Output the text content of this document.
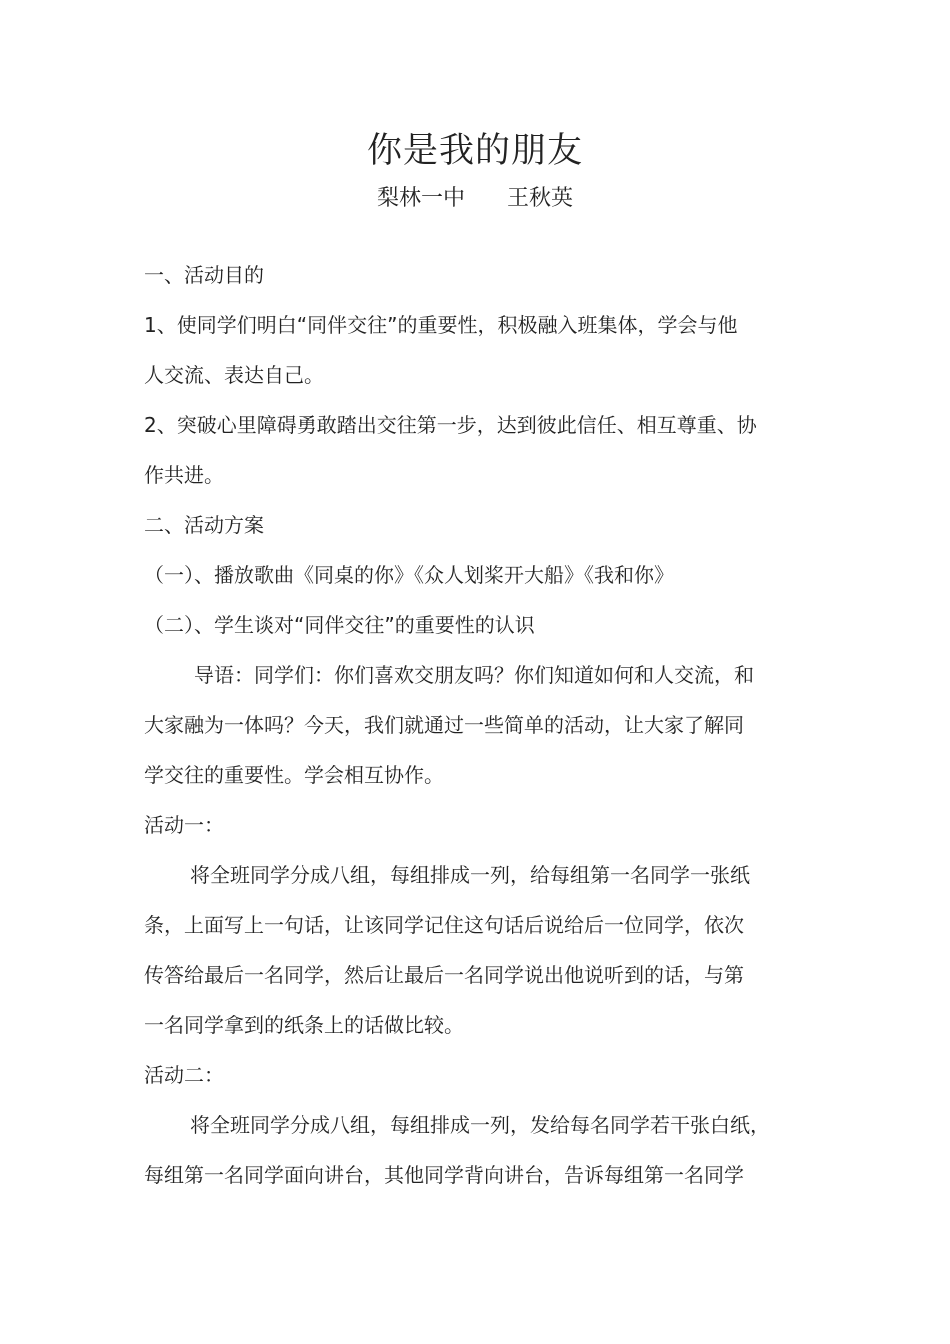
你是我的朋友
梨林一中      王秋英
一、活动目的
1、使同学们明白“同伴交往”的重要性，积极融入班集体，学会与他
人交流、表达自己。
2、突破心里障碍勇敢踏出交往第一步，达到彼此信任、相互尊重、协
作共进。
二、活动方案
（一）、播放歌曲《同桌的你》《众人划桨开大船》《我和你》
（二）、学生谈对“同伴交往”的重要性的认识
导语：同学们：你们喜欢交朋友吗？你们知道如何和人交流，和
大家融为一体吗？今天，我们就通过一些简单的活动，让大家了解同
学交往的重要性。学会相互协作。
活动一：
将全班同学分成八组，每组排成一列，给每组第一名同学一张纸
条，上面写上一句话，让该同学记住这句话后说给后一位同学，依次
传答给最后一名同学，然后让最后一名同学说出他说听到的话，与第
一名同学拿到的纸条上的话做比较。
活动二：
将全班同学分成八组，每组排成一列，发给每名同学若干张白纸，
每组第一名同学面向讲台，其他同学背向讲台，告诉每组第一名同学
